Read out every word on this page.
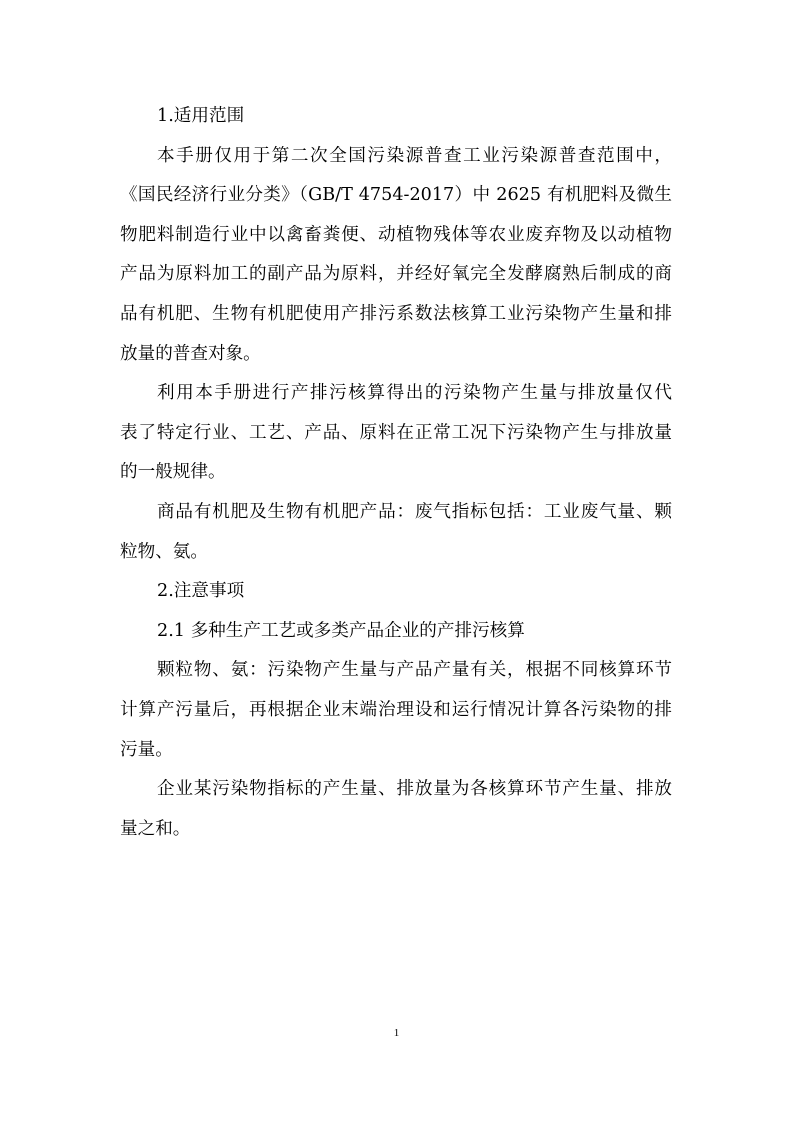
1.适用范围
本手册仅用于第二次全国污染源普查工业污染源普查范围中，
《国民经济行业分类》（GB/T 4754-2017）中 2625 有机肥料及微生
物肥料制造行业中以禽畜粪便、动植物残体等农业废弃物及以动植物
产品为原料加工的副产品为原料，并经好氧完全发酵腐熟后制成的商
品有机肥、生物有机肥使用产排污系数法核算工业污染物产生量和排
放量的普查对象。
利用本手册进行产排污核算得出的污染物产生量与排放量仅代
表了特定行业、工艺、产品、原料在正常工况下污染物产生与排放量
的一般规律。
商品有机肥及生物有机肥产品：废气指标包括：工业废气量、颗
粒物、氨。
2.注意事项
2.1 多种生产工艺或多类产品企业的产排污核算
颗粒物、氨：污染物产生量与产品产量有关，根据不同核算环节
计算产污量后，再根据企业末端治理设和运行情况计算各污染物的排
污量。
企业某污染物指标的产生量、排放量为各核算环节产生量、排放
量之和。
1
